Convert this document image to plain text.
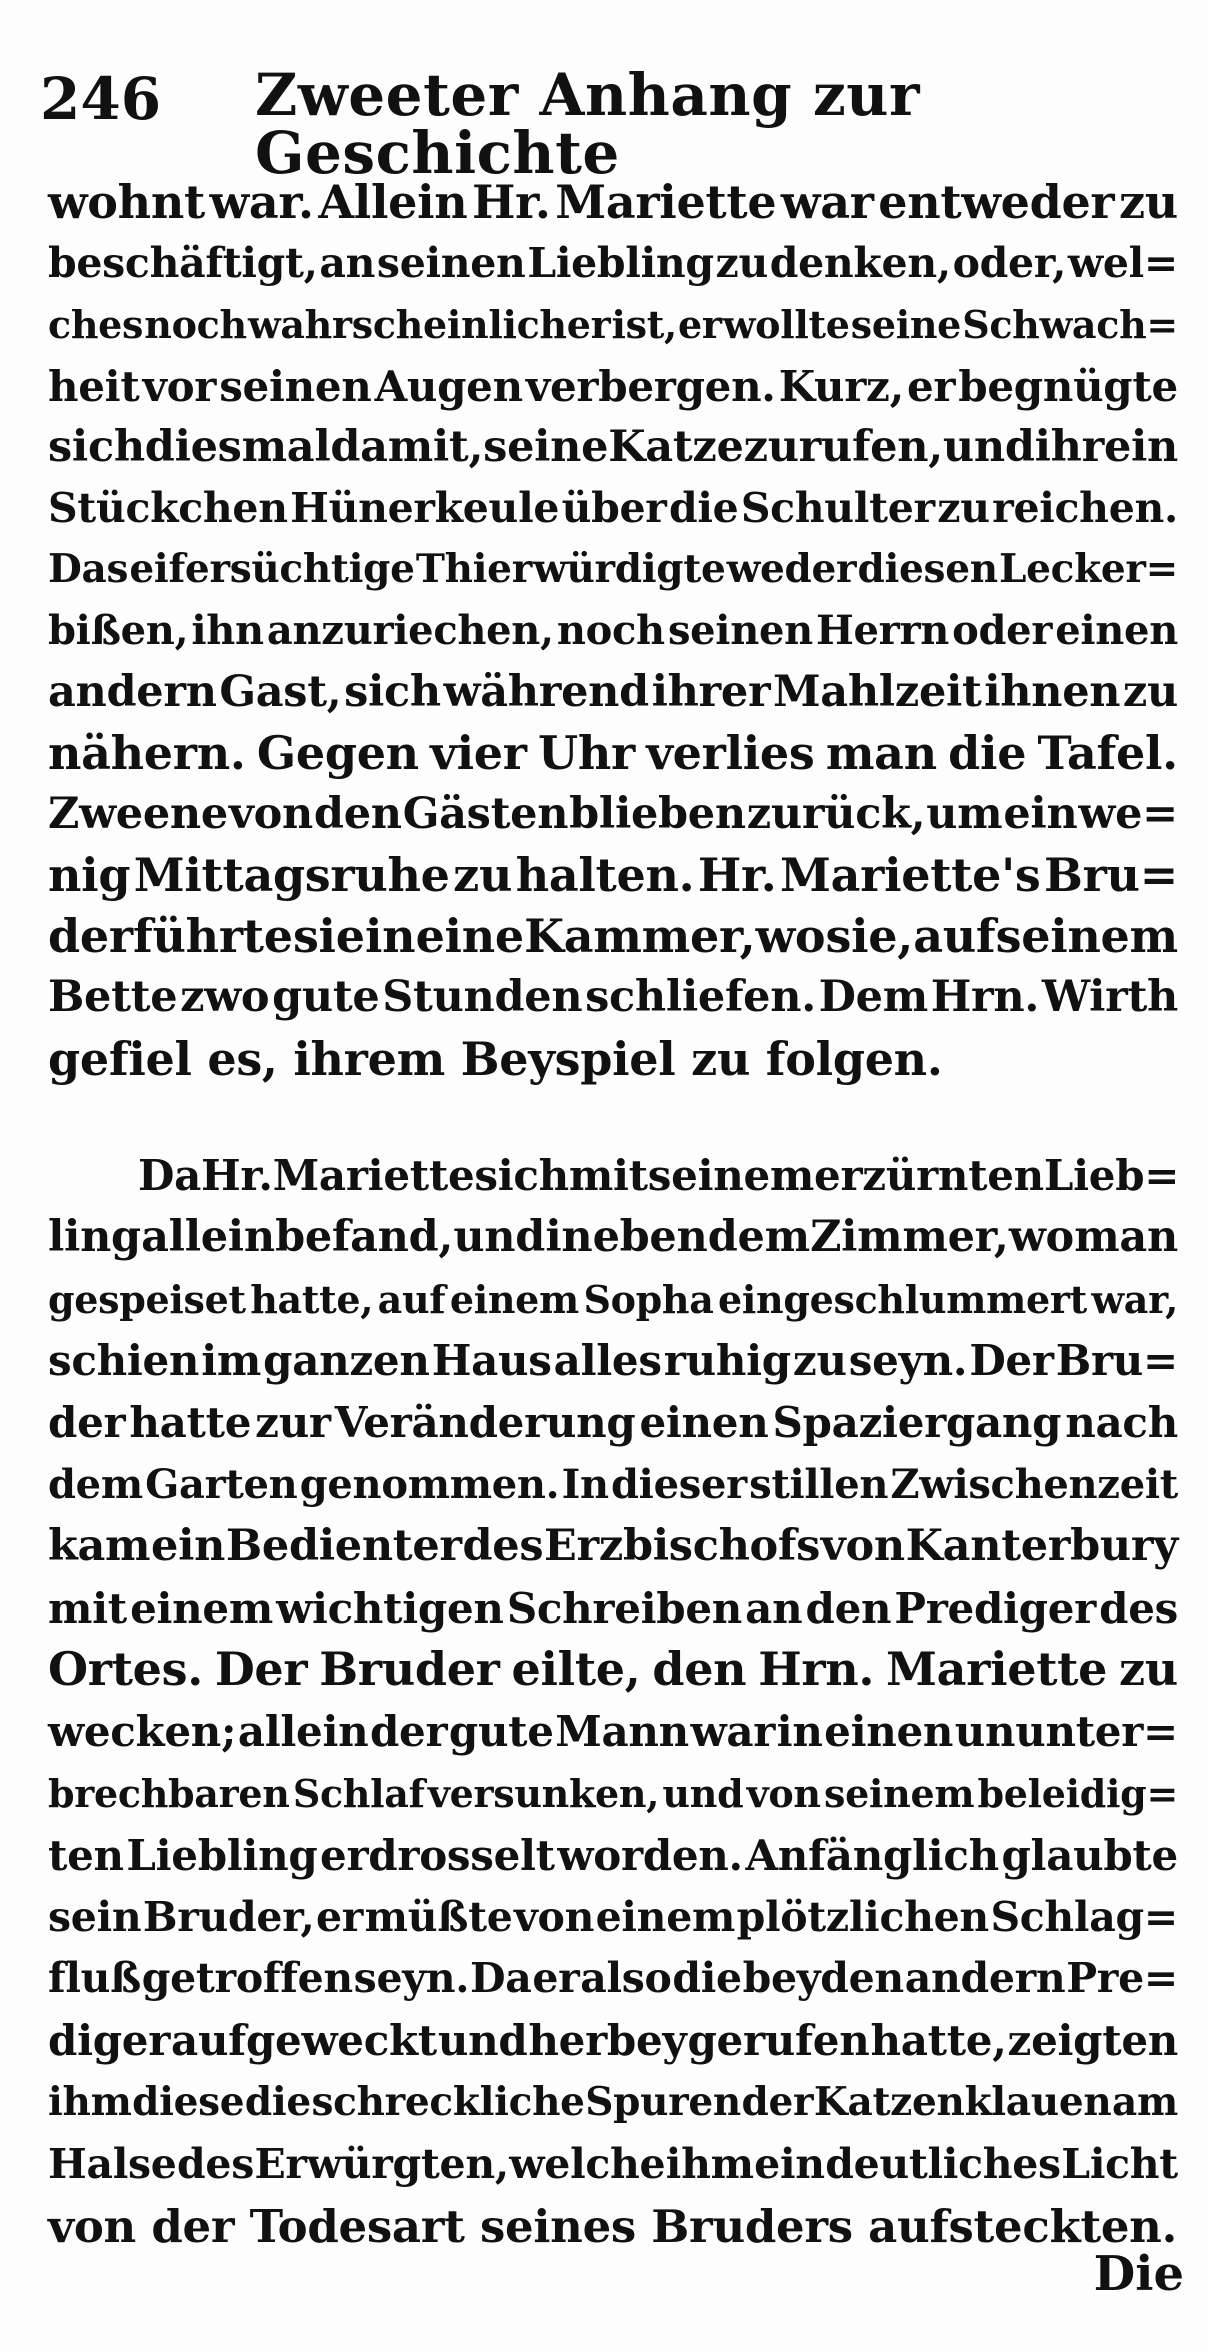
246 Zweeter Anhang zur Geschichte
wohnt war. Allein Hr. Mariette war entweder zu
beschäftigt, an seinen Liebling zu denken, oder, wel=
ches noch wahrscheinlicher ist, er wollte seine Schwach=
heit vor seinen Augen verbergen. Kurz, er begnügte
sich diesmal damit, seine Katze zu rufen, und ihr ein
Stückchen Hünerkeule über die Schulter zu reichen.
Das eifersüchtige Thier würdigte weder diesen Lecker=
bißen, ihn anzuriechen, noch seinen Herrn oder einen
andern Gast, sich während ihrer Mahlzeit ihnen zu
nähern. Gegen vier Uhr verlies man die Tafel.
Zweene von den Gästen blieben zurück, um ein we=
nig Mittagsruhe zu halten. Hr. Mariette's Bru=
der führte sie in eine Kammer, wo sie, auf seinem
Bette zwo gute Stunden schliefen. Dem Hrn. Wirth
gefiel es, ihrem Beyspiel zu folgen.
Da Hr. Mariette sich mit seinem erzürnten Lieb=
ling allein befand, und in eben dem Zimmer, wo man
gespeiset hatte, auf einem Sopha eingeschlummert war,
schien im ganzen Haus alles ruhig zu seyn. Der Bru=
der hatte zur Veränderung einen Spaziergang nach
dem Garten genommen. In dieser stillen Zwischenzeit
kam ein Bedienter des Erzbischofs von Kanterbury
mit einem wichtigen Schreiben an den Prediger des
Ortes. Der Bruder eilte, den Hrn. Mariette zu
wecken; allein der gute Mann war in einen ununter=
brechbaren Schlaf versunken, und von seinem beleidig=
ten Liebling erdrosselt worden. Anfänglich glaubte
sein Bruder, er müßte von einem plötzlichen Schlag=
fluß getroffen seyn. Da er also die beyden andern Pre=
diger aufgeweckt und herbey gerufen hatte, zeigten
ihm diese die schreckliche Spuren der Katzenklauen am
Halse des Erwürgten, welche ihm ein deutliches Licht
von der Todesart seines Bruders aufsteckten.
Die
